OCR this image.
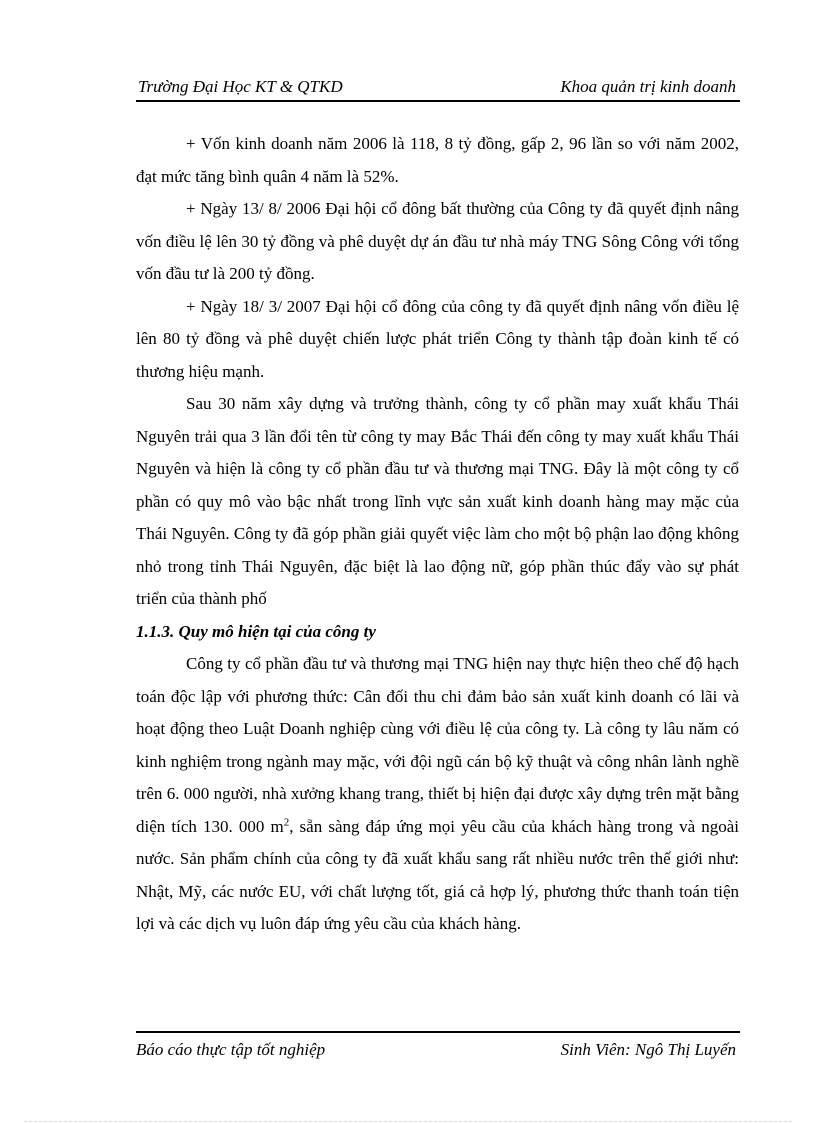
Trường Đại Học KT & QTKD	Khoa quản trị kinh doanh

+ Vốn kinh doanh năm 2006 là 118, 8 tỷ đồng, gấp 2, 96 lần so với năm 2002, đạt mức tăng bình quân 4 năm là 52%.

+ Ngày 13/ 8/ 2006 Đại hội cổ đông bất thường của Công ty đã quyết định nâng vốn điều lệ lên 30 tỷ đồng và phê duyệt dự án đầu tư nhà máy TNG Sông Công với tổng vốn đầu tư là 200 tỷ đồng.

+ Ngày 18/ 3/ 2007 Đại hội cổ đông của công ty đã quyết định nâng vốn điều lệ lên 80 tỷ đồng và phê duyệt chiến lược phát triển Công ty thành tập đoàn kinh tế có thương hiệu mạnh.

Sau 30 năm xây dựng và trưởng thành, công ty cổ phần may xuất khẩu Thái Nguyên trải qua 3 lần đổi tên từ công ty may Bắc Thái đến công ty may xuất khẩu Thái Nguyên và hiện là công ty cổ phần đầu tư và thương mại TNG. Đây là một công ty cổ phần có quy mô vào bậc nhất trong lĩnh vực sản xuất kinh doanh hàng may mặc của Thái Nguyên. Công ty đã góp phần giải quyết việc làm cho một bộ phận lao động không nhỏ trong tỉnh Thái Nguyên, đặc biệt là lao động nữ, góp phần thúc đẩy vào sự phát triển của thành phố

1.1.3. Quy mô hiện tại của công ty

Công ty cổ phần đầu tư và thương mại TNG hiện nay thực hiện theo chế độ hạch toán độc lập với phương thức: Cân đối thu chi đảm bảo sản xuất kinh doanh có lãi và hoạt động theo Luật Doanh nghiệp cùng với điều lệ của công ty. Là công ty lâu năm có kinh nghiệm trong ngành may mặc, với đội ngũ cán bộ kỹ thuật và công nhân lành nghề trên 6. 000 người, nhà xưởng khang trang, thiết bị hiện đại được xây dựng trên mặt bằng diện tích 130. 000 $m^2$, sẵn sàng đáp ứng mọi yêu cầu của khách hàng trong và ngoài nước. Sản phẩm chính của công ty đã xuất khẩu sang rất nhiều nước trên thế giới như: Nhật, Mỹ, các nước EU, với chất lượng tốt, giá cả hợp lý, phương thức thanh toán tiện lợi và các dịch vụ luôn đáp ứng yêu cầu của khách hàng.

Báo cáo thực tập tốt nghiệp	Sinh Viên: Ngô Thị Luyến
